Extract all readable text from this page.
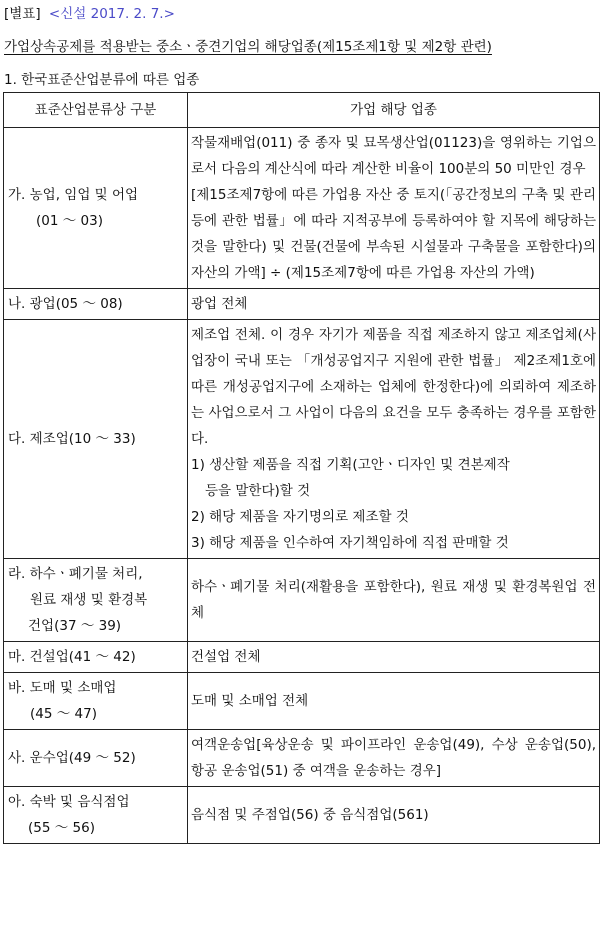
[별표] <신설 2017. 2. 7.>
가업상속공제를 적용받는 중소ㆍ중견기업의 해당업종(제15조제1항 및 제2항 관련)
1. 한국표준산업분류에 따른 업종
표준산업분류상 구분	가업 해당 업종
가. 농업, 임업 및 어업
(01 ～ 03)	작물재배업(011) 중 종자 및 묘목생산업(01123)을 영위하는 기업으로서 다음의 계산식에 따라 계산한 비율이 100분의 50 미만인 경우
[제15조제7항에 따른 가업용 자산 중 토지(「공간정보의 구축 및 관리 등에 관한 법률」에 따라 지적공부에 등록하여야 할 지목에 해당하는 것을 말한다) 및 건물(건물에 부속된 시설물과 구축물을 포함한다)의 자산의 가액] ÷ (제15조제7항에 따른 가업용 자산의 가액)

나. 광업(05 ～ 08)	광업 전체
다. 제조업(10 ～ 33)	제조업 전체. 이 경우 자기가 제품을 직접 제조하지 않고 제조업체(사업장이 국내 또는 「개성공업지구 지원에 관한 법률」 제2조제1호에 따른 개성공업지구에 소재하는 업체에 한정한다)에 의뢰하여 제조하는 사업으로서 그 사업이 다음의 요건을 모두 충족하는 경우를 포함한다.
1) 생산할 제품을 직접 기획(고안ㆍ디자인 및 견본제작
등을 말한다)할 것
2) 해당 제품을 자기명의로 제조할 것
3) 해당 제품을 인수하여 자기책임하에 직접 판매할 것

라. 하수ㆍ폐기물 처리,
원료 재생 및 환경복
건업(37 ～ 39)	하수ㆍ폐기물 처리(재활용을 포함한다), 원료 재생 및 환경복원업 전체
마. 건설업(41 ～ 42)	건설업 전체
바. 도매 및 소매업
(45 ～ 47)	도매 및 소매업 전체
사. 운수업(49 ～ 52)	여객운송업[육상운송 및 파이프라인 운송업(49), 수상 운송업(50), 항공 운송업(51) 중 여객을 운송하는 경우]
아. 숙박 및 음식점업
(55 ～ 56)	음식점 및 주점업(56) 중 음식점업(561)
